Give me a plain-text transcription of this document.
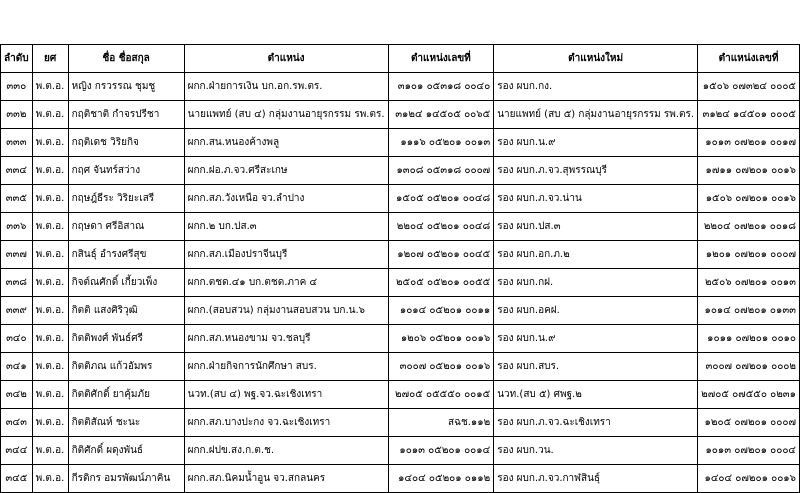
ลำดับ	ยศ	ชื่อ ชื่อสกุล	ตำแหน่ง	ตำแหน่งเลขที่	ตำแหน่งใหม่	ตำแหน่งเลขที่
๓๓๐	พ.ต.อ.	หญิง กรวรรณ ชุมชู	ผกก.ฝ่ายการเงิน บก.อก.รพ.ตร.	๓๑๐๑ ๐๕๓๑๘ ๐๐๔๐	รอง ผบก.กง.	๑๕๐๖ ๐๗๓๒๔ ๐๐๐๕
๓๓๒	พ.ต.อ.	กฤติชาติ กำจรปรีชา	นายแพทย์ (สบ ๔) กลุ่มงานอายุรกรรม รพ.ตร.	๓๑๒๔ ๑๔๕๐๕ ๐๐๖๕	นายแพทย์ (สบ ๕) กลุ่มงานอายุรกรรม รพ.ตร.	๓๑๒๔ ๑๔๕๐๑ ๐๐๐๕
๓๓๓	พ.ต.อ.	กฤติเดช วิริยกิจ	ผกก.สน.หนองค้างพลู	๑๑๑๖ ๐๕๒๐๑ ๐๐๑๓	รอง ผบก.น.๙	๑๐๑๓ ๐๗๒๐๑ ๐๐๑๗
๓๓๔	พ.ต.อ.	กฤศ จันทร์สว่าง	ผกก.ฝอ.ภ.จว.ศรีสะเกษ	๑๓๐๘ ๐๕๓๑๘ ๐๐๐๗	รอง ผบก.ภ.จว.สุพรรณบุรี	๑๗๑๑ ๐๗๒๐๑ ๐๐๑๖
๓๓๕	พ.ต.อ.	กฤษฎ์ธีระ วิริยะเสรี	ผกก.สภ.วังเหนือ จว.ลำปาง	๑๕๐๕ ๐๕๒๐๑ ๐๐๔๘	รอง ผบก.ภ.จว.น่าน	๑๕๐๖ ๐๗๒๐๑ ๐๐๑๖
๓๓๖	พ.ต.อ.	กฤษดา ศรีอิสาณ	ผกก.๒ บก.ปส.๓	๒๒๐๔ ๐๕๒๐๑ ๐๐๔๘	รอง ผบก.ปส.๓	๒๒๐๔ ๐๗๒๐๑ ๐๐๑๘
๓๓๗	พ.ต.อ.	กสินธุ์ อำรงศรีสุข	ผกก.สภ.เมืองปราจีนบุรี	๑๒๐๗ ๐๕๒๐๑ ๐๐๔๕	รอง ผบก.อก.ภ.๒	๑๒๐๑ ๐๗๒๐๑ ๐๐๐๗
๓๓๘	พ.ต.อ.	กิจต์ณศักดิ์ เกี้ยวเพ็ง	ผกก.ตชด.๔๑ บก.ตชด.ภาค ๔	๒๕๐๕ ๐๕๒๐๑ ๐๐๕๕	รอง ผบก.กฝ.	๒๕๐๖ ๐๗๒๐๑ ๐๐๑๓
๓๓๙	พ.ต.อ.	กิตติ แสงศิริวุฒิ	ผกก.(สอบสวน) กลุ่มงานสอบสวน บก.น.๖	๑๐๑๔ ๐๕๒๐๑ ๐๐๑๑	รอง ผบก.อคฝ.	๑๐๑๔ ๐๗๒๐๑ ๐๑๓๓
๓๔๐	พ.ต.อ.	กิตติพงศ์ พันธ์ศรี	ผกก.สภ.หนองขาม จว.ชลบุรี	๑๒๐๖ ๐๕๒๐๑ ๐๐๑๖	รอง ผบก.น.๙	๑๐๑๑ ๐๗๒๐๑ ๐๐๑๐
๓๔๑	พ.ต.อ.	กิตติภณ แก้วอัมพร	ผกก.ฝ่ายกิจการนักศึกษา สบร.	๓๐๐๗ ๐๕๒๐๑ ๐๐๑๖	รอง ผบก.สบร.	๓๐๐๗ ๐๗๒๐๑ ๐๐๐๒
๓๔๒	พ.ต.อ.	กิตติศักดิ์ ยาคุ้มภัย	นวท.(สบ ๔) พฐ.จว.ฉะเชิงเทรา	๒๗๐๕ ๐๕๕๕๐ ๐๐๑๕	นวท.(สบ ๕) ศพฐ.๒	๒๗๐๕ ๐๗๕๕๐ ๐๒๓๑
๓๔๓	พ.ต.อ.	กิตติสัณห์ ชะนะ	ผกก.สภ.บางปะกง จว.ฉะเชิงเทรา	สฉช.๑๑๒	รอง ผบก.ภ.จว.ฉะเชิงเทรา	๑๒๐๕ ๐๗๒๐๑ ๐๐๐๗
๓๔๔	พ.ต.อ.	กิติศักดิ์ ผดุงพันธ์	ผกก.ฝปข.สง.ก.ต.ช.	๑๐๑๓ ๐๕๒๐๑ ๐๐๑๔	รอง ผบก.วน.	๑๐๑๓ ๐๗๒๐๑ ๐๐๐๔
๓๔๕	พ.ต.อ.	กีรติกร อมรพัฒน์ภาคิน	ผกก.สภ.นิคมน้ำอูน จว.สกลนคร	๑๔๐๔ ๐๕๒๐๑ ๐๑๑๒	รอง ผบก.ภ.จว.กาฬสินธุ์	๑๔๐๔ ๐๗๒๐๑ ๐๐๑๖
